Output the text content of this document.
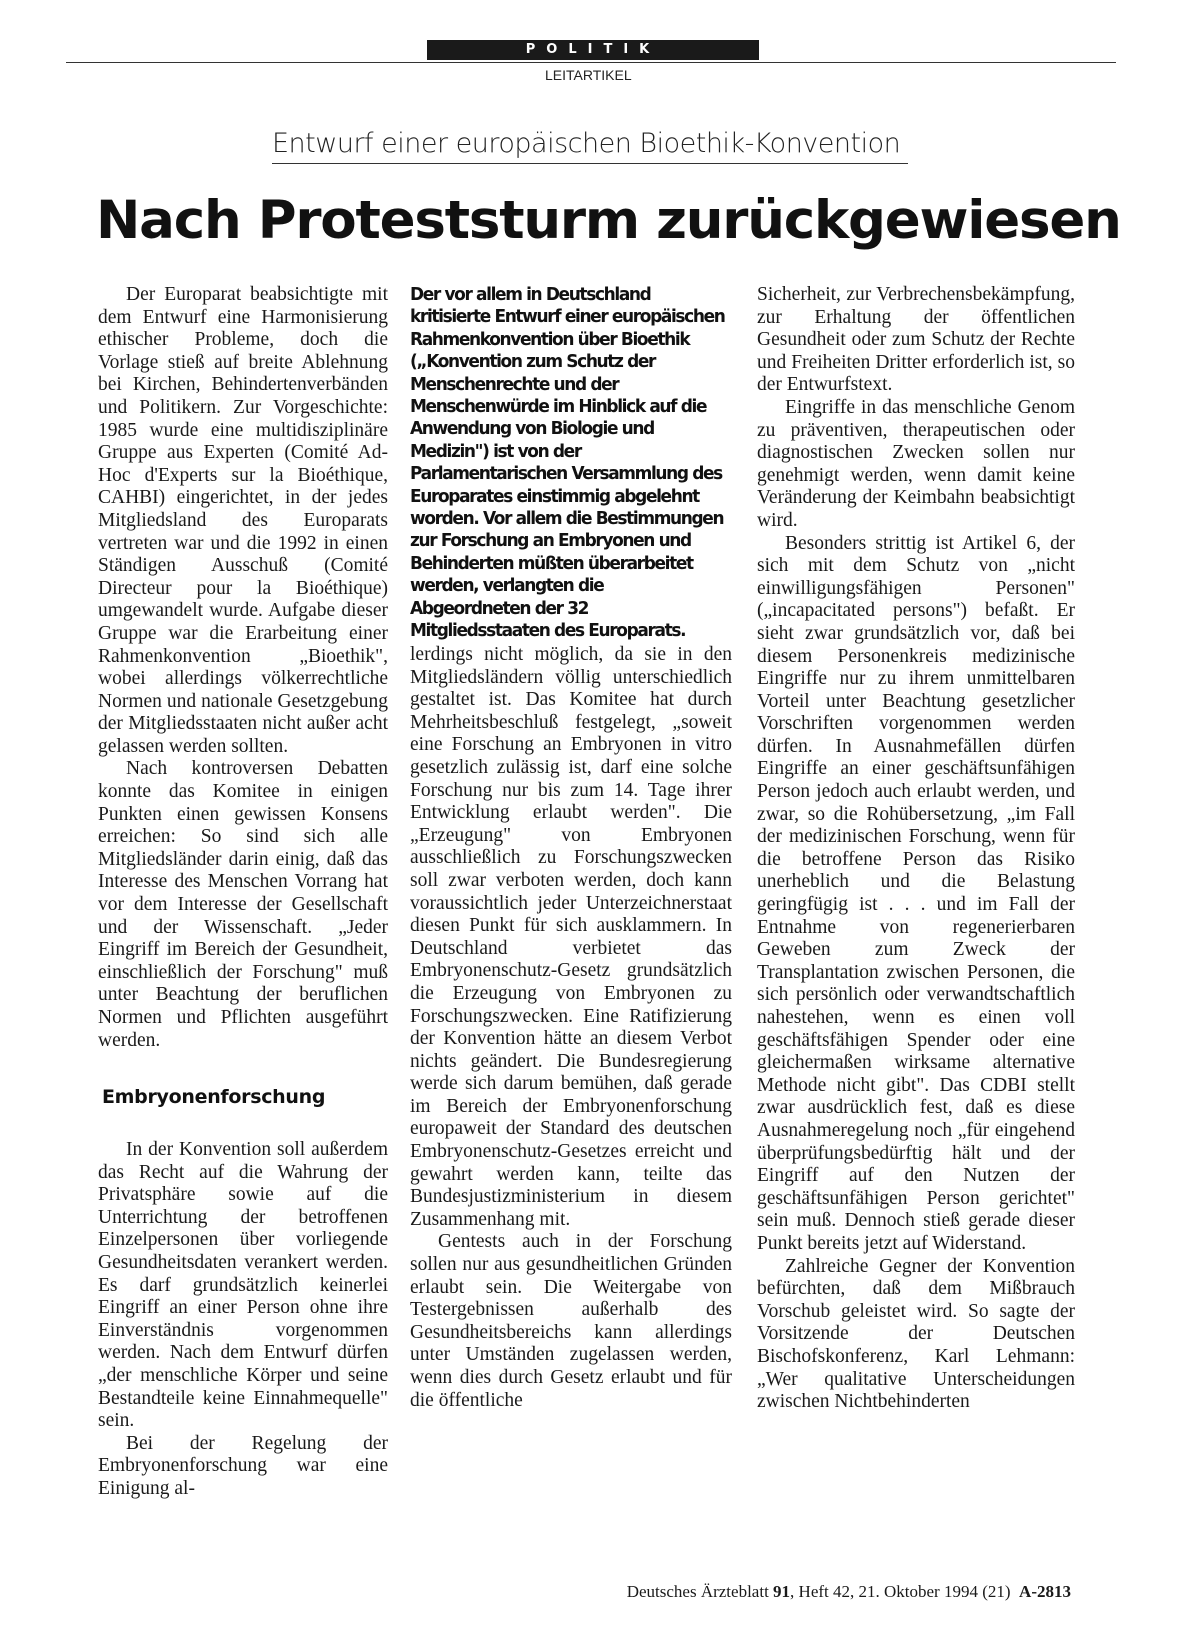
POLITIK
LEITARTIKEL
Entwurf einer europäischen Bioethik-Konvention
Nach Proteststurm zurückgewiesen

Der Europarat beabsichtigte mit dem Entwurf eine Harmonisierung ethischer Probleme, doch die Vorlage stieß auf breite Ablehnung bei Kirchen, Behindertenverbänden und Politikern. Zur Vorgeschichte: 1985 wurde eine multidisziplinäre Gruppe aus Experten (Comité Ad-Hoc d'Experts sur la Bioéthique, CAHBI) eingerichtet, in der jedes Mitgliedsland des Europarats vertreten war und die 1992 in einen Ständigen Ausschuß (Comité Directeur pour la Bioéthique) umgewandelt wurde. Aufgabe dieser Gruppe war die Erarbeitung einer Rahmenkonvention „Bioethik", wobei allerdings völkerrechtliche Normen und nationale Gesetzgebung der Mitgliedsstaaten nicht außer acht gelassen werden sollten.

Nach kontroversen Debatten konnte das Komitee in einigen Punkten einen gewissen Konsens erreichen: So sind sich alle Mitgliedsländer darin einig, daß das Interesse des Menschen Vorrang hat vor dem Interesse der Gesellschaft und der Wissenschaft. „Jeder Eingriff im Bereich der Gesundheit, einschließlich der Forschung" muß unter Beachtung der beruflichen Normen und Pflichten ausgeführt werden.

Embryonenforschung

In der Konvention soll außerdem das Recht auf die Wahrung der Privatsphäre sowie auf die Unterrichtung der betroffenen Einzelpersonen über vorliegende Gesundheitsdaten verankert werden. Es darf grundsätzlich keinerlei Eingriff an einer Person ohne ihre Einverständnis vorgenommen werden. Nach dem Entwurf dürfen „der menschliche Körper und seine Bestandteile keine Einnahmequelle" sein.

Bei der Regelung der Embryonenforschung war eine Einigung al-

Der vor allem in Deutschland kritisierte Entwurf einer europäischen Rahmenkonvention über Bioethik („Konvention zum Schutz der Menschenrechte und der Menschenwürde im Hinblick auf die Anwendung von Biologie und Medizin") ist von der Parlamentarischen Versammlung des Europarates einstimmig abgelehnt worden. Vor allem die Bestimmungen zur Forschung an Embryonen und Behinderten müßten überarbeitet werden, verlangten die Abgeordneten der 32 Mitgliedsstaaten des Europarats.

lerdings nicht möglich, da sie in den Mitgliedsländern völlig unterschiedlich gestaltet ist. Das Komitee hat durch Mehrheitsbeschluß festgelegt, „soweit eine Forschung an Embryonen in vitro gesetzlich zulässig ist, darf eine solche Forschung nur bis zum 14. Tage ihrer Entwicklung erlaubt werden". Die „Erzeugung" von Embryonen ausschließlich zu Forschungszwecken soll zwar verboten werden, doch kann voraussichtlich jeder Unterzeichnerstaat diesen Punkt für sich ausklammern. In Deutschland verbietet das Embryonenschutz-Gesetz grundsätzlich die Erzeugung von Embryonen zu Forschungszwecken. Eine Ratifizierung der Konvention hätte an diesem Verbot nichts geändert. Die Bundesregierung werde sich darum bemühen, daß gerade im Bereich der Embryonenforschung europaweit der Standard des deutschen Embryonenschutz-Gesetzes erreicht und gewahrt werden kann, teilte das Bundesjustizministerium in diesem Zusammenhang mit.

Gentests auch in der Forschung sollen nur aus gesundheitlichen Gründen erlaubt sein. Die Weitergabe von Testergebnissen außerhalb des Gesundheitsbereichs kann allerdings unter Umständen zugelassen werden, wenn dies durch Gesetz erlaubt und für die öffentliche

Sicherheit, zur Verbrechensbekämpfung, zur Erhaltung der öffentlichen Gesundheit oder zum Schutz der Rechte und Freiheiten Dritter erforderlich ist, so der Entwurfstext.

Eingriffe in das menschliche Genom zu präventiven, therapeutischen oder diagnostischen Zwecken sollen nur genehmigt werden, wenn damit keine Veränderung der Keimbahn beabsichtigt wird.

Besonders strittig ist Artikel 6, der sich mit dem Schutz von „nicht einwilligungsfähigen Personen" („incapacitated persons") befaßt. Er sieht zwar grundsätzlich vor, daß bei diesem Personenkreis medizinische Eingriffe nur zu ihrem unmittelbaren Vorteil unter Beachtung gesetzlicher Vorschriften vorgenommen werden dürfen. In Ausnahmefällen dürfen Eingriffe an einer geschäftsunfähigen Person jedoch auch erlaubt werden, und zwar, so die Rohübersetzung, „im Fall der medizinischen Forschung, wenn für die betroffene Person das Risiko unerheblich und die Belastung geringfügig ist . . . und im Fall der Entnahme von regenerierbaren Geweben zum Zweck der Transplantation zwischen Personen, die sich persönlich oder verwandtschaftlich nahestehen, wenn es einen voll geschäftsfähigen Spender oder eine gleichermaßen wirksame alternative Methode nicht gibt". Das CDBI stellt zwar ausdrücklich fest, daß es diese Ausnahmeregelung noch „für eingehend überprüfungsbedürftig hält und der Eingriff auf den Nutzen der geschäftsunfähigen Person gerichtet" sein muß. Dennoch stieß gerade dieser Punkt bereits jetzt auf Widerstand.

Zahlreiche Gegner der Konvention befürchten, daß dem Mißbrauch Vorschub geleistet wird. So sagte der Vorsitzende der Deutschen Bischofskonferenz, Karl Lehmann: „Wer qualitative Unterscheidungen zwischen Nichtbehinderten

Deutsches Ärzteblatt 91, Heft 42, 21. Oktober 1994 (21) A-2813
